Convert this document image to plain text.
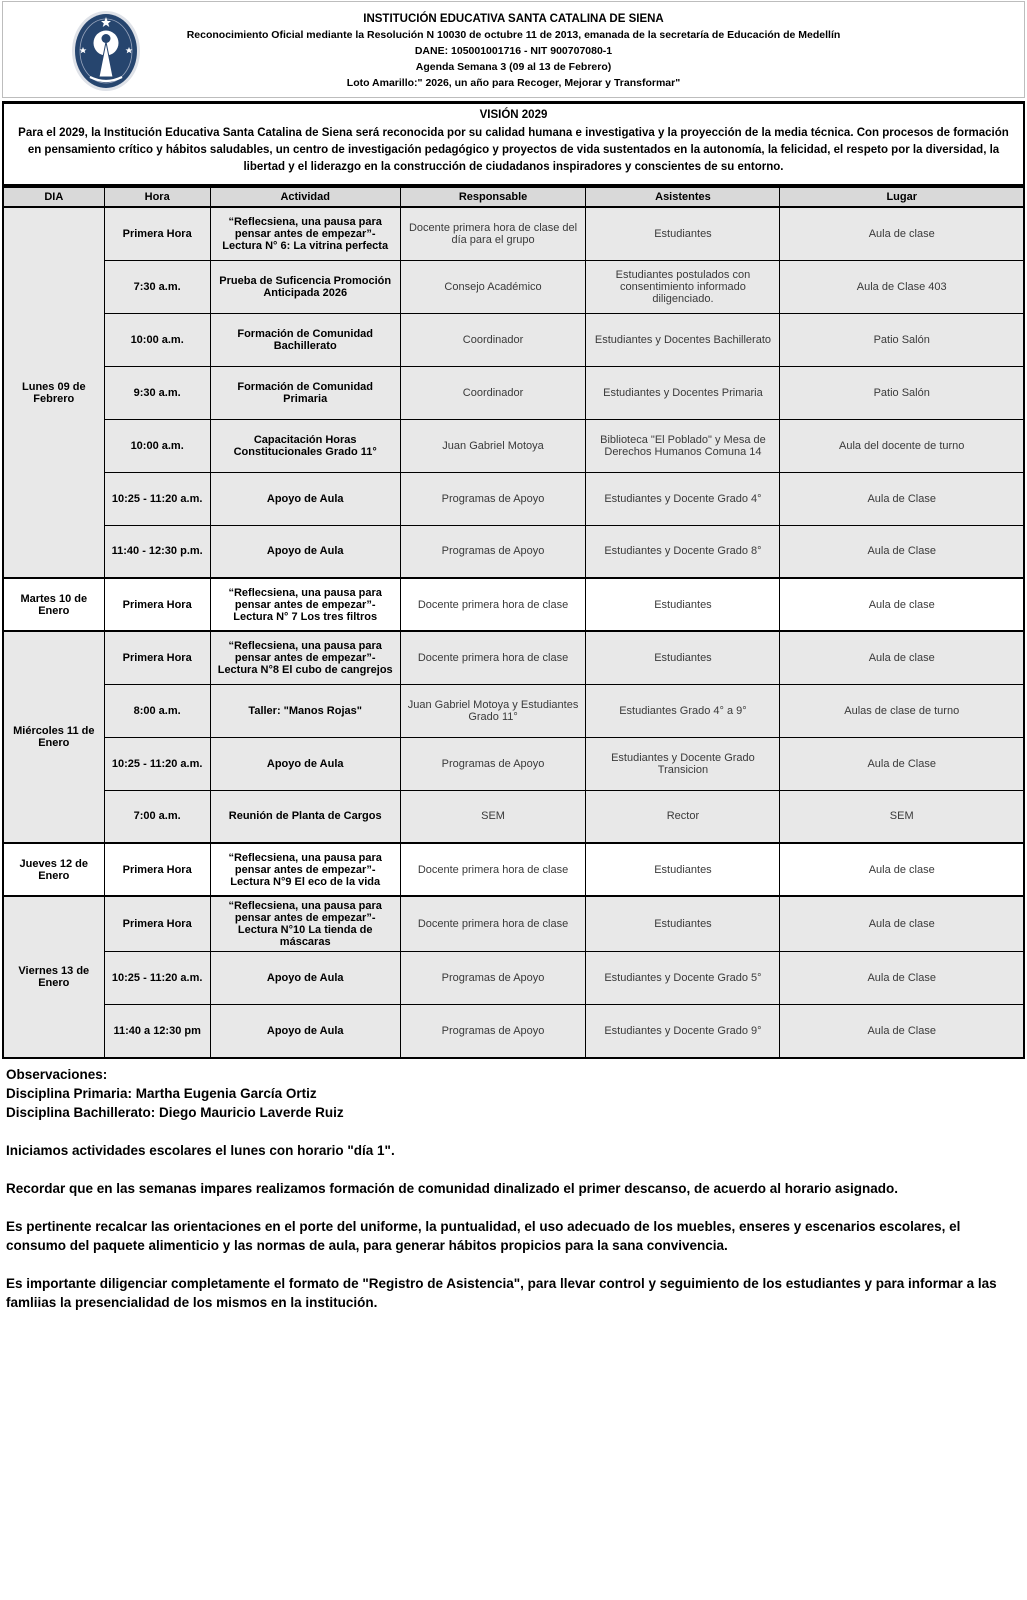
INSTITUCIÓN EDUCATIVA SANTA CATALINA DE SIENA
Reconocimiento Oficial mediante la Resolución N 10030 de octubre 11 de 2013, emanada de la secretaría de Educación de Medellín
DANE: 105001001716 - NIT 900707080-1
Agenda Semana 3 (09 al 13 de Febrero)
Loto Amarillo:" 2026, un año para Recoger, Mejorar y Transformar"
VISIÓN 2029
Para el 2029, la Institución Educativa Santa Catalina de Siena será reconocida por su calidad humana e investigativa y la proyección de la media técnica. Con procesos de formación en pensamiento crítico y hábitos saludables, un centro de investigación pedagógico y proyectos de vida sustentados en la autonomía, la felicidad, el respeto por la diversidad, la libertad y el liderazgo en la construcción de ciudadanos inspiradores y conscientes de su entorno.
DIA	Hora	Actividad	Responsable	Asistentes	Lugar
Lunes 09 de Febrero	Primera Hora	“Reflecsiena, una pausa para pensar antes de empezar”- Lectura N° 6: La vitrina perfecta	Docente primera hora de clase del día para el grupo	Estudiantes	Aula de clase
	7:30 a.m.	Prueba de Suficencia Promoción Anticipada 2026	Consejo Académico	Estudiantes postulados con consentimiento informado diligenciado.	Aula de Clase 403
	10:00 a.m.	Formación de Comunidad Bachillerato	Coordinador	Estudiantes y Docentes Bachillerato	Patio Salón
	9:30 a.m.	Formación de Comunidad Primaria	Coordinador	Estudiantes y Docentes Primaria	Patio Salón
	10:00 a.m.	Capacitación Horas Constitucionales Grado 11°	Juan Gabriel Motoya	Biblioteca "El Poblado" y Mesa de Derechos Humanos Comuna 14	Aula del docente de turno
	10:25 - 11:20 a.m.	Apoyo de Aula	Programas de Apoyo	Estudiantes y Docente Grado 4°	Aula de Clase
	11:40 - 12:30 p.m.	Apoyo de Aula	Programas de Apoyo	Estudiantes y Docente Grado 8°	Aula de Clase
Martes 10 de Enero	Primera Hora	“Reflecsiena, una pausa para pensar antes de empezar”- Lectura N° 7 Los tres filtros	Docente primera hora de clase	Estudiantes	Aula de clase
Miércoles 11 de Enero	Primera Hora	“Reflecsiena, una pausa para pensar antes de empezar”- Lectura N°8 El cubo de cangrejos	Docente primera hora de clase	Estudiantes	Aula de clase
	8:00 a.m.	Taller: "Manos Rojas"	Juan Gabriel Motoya y Estudiantes Grado 11°	Estudiantes Grado 4° a 9°	Aulas de clase de turno
	10:25 - 11:20 a.m.	Apoyo de Aula	Programas de Apoyo	Estudiantes y Docente Grado Transicion	Aula de Clase
	7:00 a.m.	Reunión de Planta de Cargos	SEM	Rector	SEM
Jueves 12 de Enero	Primera Hora	“Reflecsiena, una pausa para pensar antes de empezar”- Lectura N°9 El eco de la vida	Docente primera hora de clase	Estudiantes	Aula de clase
Viernes 13 de Enero	Primera Hora	“Reflecsiena, una pausa para pensar antes de empezar”- Lectura N°10 La tienda de máscaras	Docente primera hora de clase	Estudiantes	Aula de clase
	10:25 - 11:20 a.m.	Apoyo de Aula	Programas de Apoyo	Estudiantes y Docente Grado 5°	Aula de Clase
	11:40 a 12:30 pm	Apoyo de Aula	Programas de Apoyo	Estudiantes y Docente Grado 9°	Aula de Clase
Observaciones:
Disciplina Primaria: Martha Eugenia García Ortiz
Disciplina Bachillerato: Diego Mauricio Laverde Ruiz

Iniciamos actividades escolares el lunes con horario "día 1".

Recordar que en las semanas impares realizamos formación de comunidad dinalizado el primer descanso, de acuerdo al horario asignado.

Es pertinente recalcar las orientaciones en el porte del uniforme, la puntualidad, el uso adecuado de los muebles, enseres y escenarios escolares, el consumo del paquete alimenticio y las normas de aula, para generar hábitos propicios para la sana convivencia.

Es importante diligenciar completamente el formato de "Registro de Asistencia", para llevar control y seguimiento de los estudiantes y para informar a las famliias la presencialidad de los mismos en la institución.
